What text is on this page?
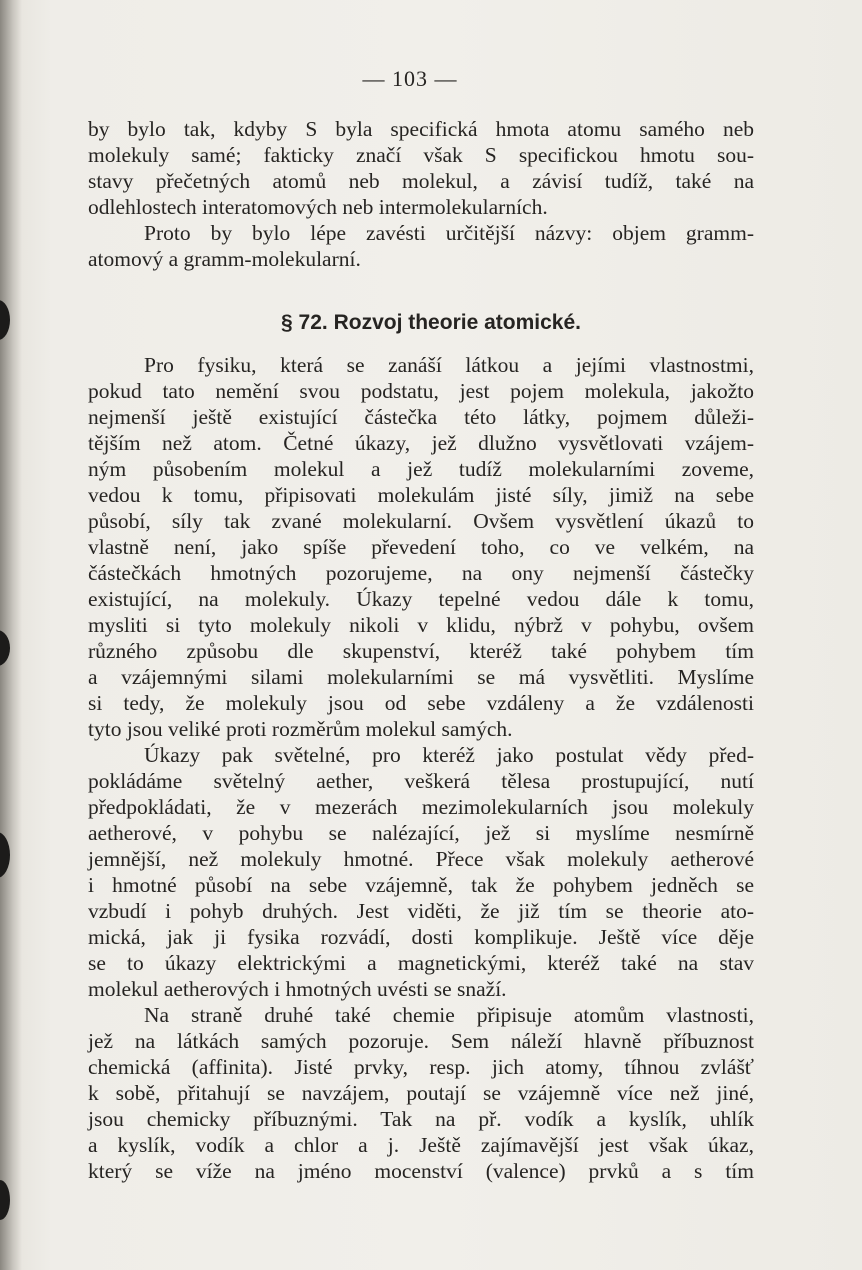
— 103 —
by bylo tak, kdyby S byla specifická hmota atomu samého neb
molekuly samé; fakticky značí však S specifickou hmotu sou-
stavy přečetných atomů neb molekul, a závisí tudíž, také na
odlehlostech interatomových neb intermolekularních.
Proto by bylo lépe zavésti určitější názvy: objem gramm-
atomový a gramm-molekularní.
§ 72. Rozvoj theorie atomické.
Pro fysiku, která se zanáší látkou a jejími vlastnostmi,
pokud tato nemění svou podstatu, jest pojem molekula, jakožto
nejmenší ještě existující částečka této látky, pojmem důleži-
tějším než atom. Četné úkazy, jež dlužno vysvětlovati vzájem-
ným působením molekul a jež tudíž molekularními zoveme,
vedou k tomu, připisovati molekulám jisté síly, jimiž na sebe
působí, síly tak zvané molekularní. Ovšem vysvětlení úkazů to
vlastně není, jako spíše převedení toho, co ve velkém, na
částečkách hmotných pozorujeme, na ony nejmenší částečky
existující, na molekuly. Úkazy tepelné vedou dále k tomu,
mysliti si tyto molekuly nikoli v klidu, nýbrž v pohybu, ovšem
různého způsobu dle skupenství, kteréž také pohybem tím
a vzájemnými silami molekularními se má vysvětliti. Myslíme
si tedy, že molekuly jsou od sebe vzdáleny a že vzdálenosti
tyto jsou veliké proti rozměrům molekul samých.
Úkazy pak světelné, pro kteréž jako postulat vědy před-
pokládáme světelný aether, veškerá tělesa prostupující, nutí
předpokládati, že v mezerách mezimolekularních jsou molekuly
aetherové, v pohybu se nalézající, jež si myslíme nesmírně
jemnější, než molekuly hmotné. Přece však molekuly aetherové
i hmotné působí na sebe vzájemně, tak že pohybem jedněch se
vzbudí i pohyb druhých. Jest viděti, že již tím se theorie ato-
mická, jak ji fysika rozvádí, dosti komplikuje. Ještě více děje
se to úkazy elektrickými a magnetickými, kteréž také na stav
molekul aetherových i hmotných uvésti se snaží.
Na straně druhé také chemie připisuje atomům vlastnosti,
jež na látkách samých pozoruje. Sem náleží hlavně příbuznost
chemická (affinita). Jisté prvky, resp. jich atomy, tíhnou zvlášť
k sobě, přitahují se navzájem, poutají se vzájemně více než jiné,
jsou chemicky příbuznými. Tak na př. vodík a kyslík, uhlík
a kyslík, vodík a chlor a j. Ještě zajímavější jest však úkaz,
který se víže na jméno mocenství (valence) prvků a s tím
